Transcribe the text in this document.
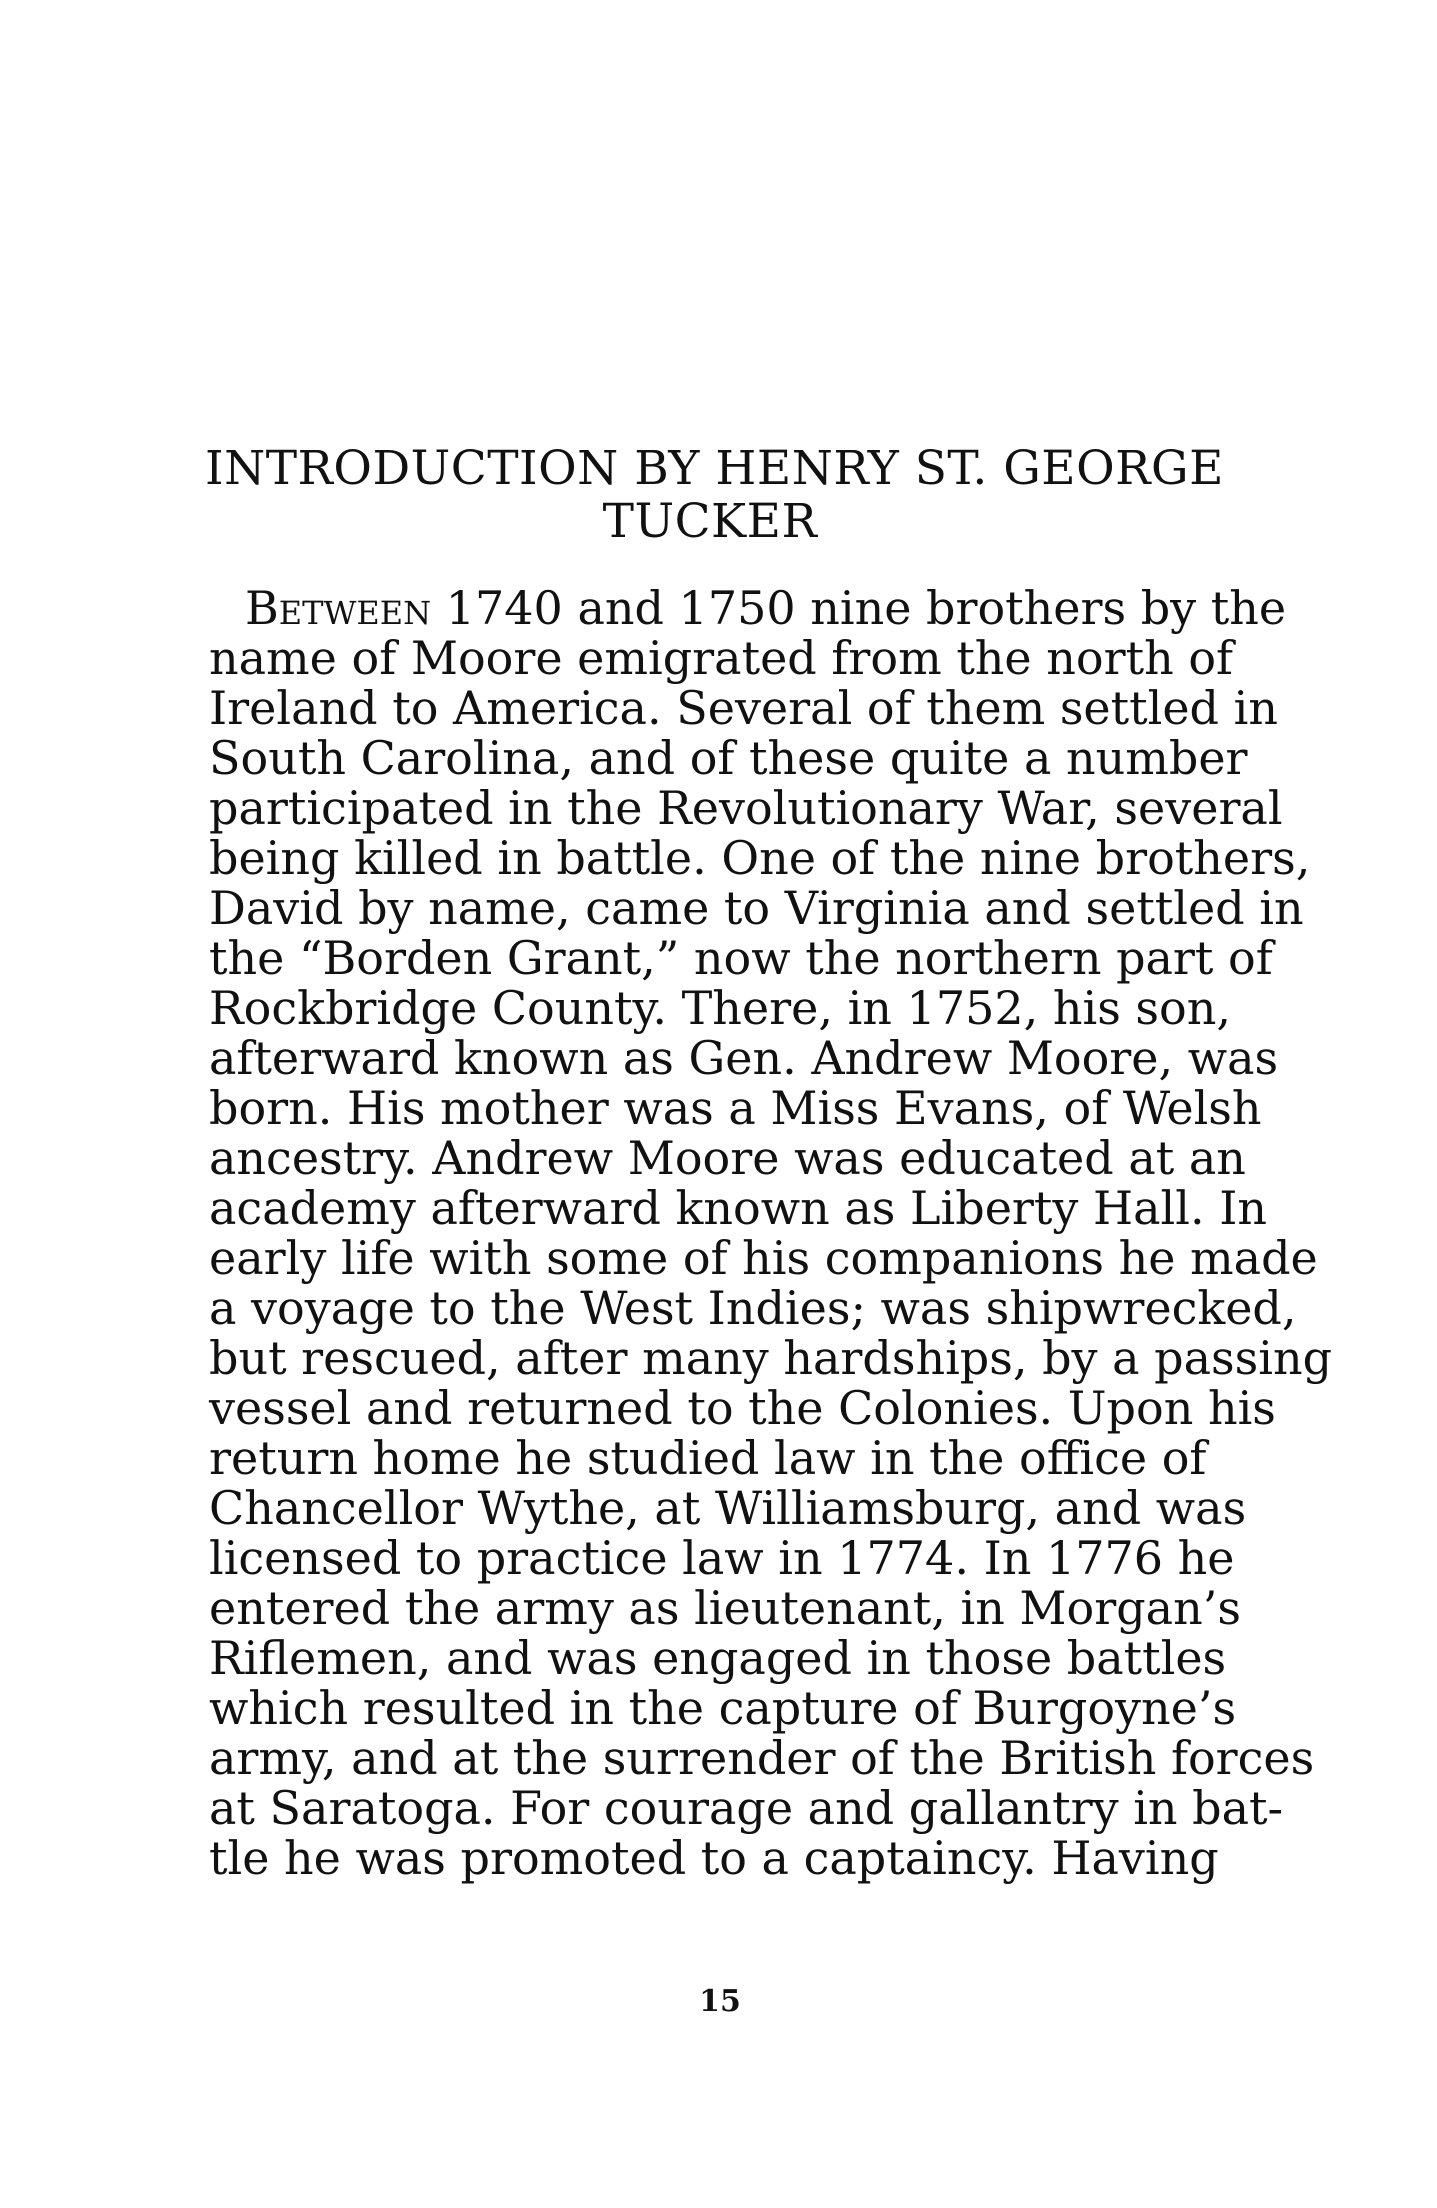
INTRODUCTION BY HENRY ST. GEORGE
TUCKER
Between 1740 and 1750 nine brothers by the
name of Moore emigrated from the north of
Ireland to America. Several of them settled in
South Carolina, and of these quite a number
participated in the Revolutionary War, several
being killed in battle. One of the nine brothers,
David by name, came to Virginia and settled in
the “Borden Grant,” now the northern part of
Rockbridge County. There, in 1752, his son,
afterward known as Gen. Andrew Moore, was
born. His mother was a Miss Evans, of Welsh
ancestry. Andrew Moore was educated at an
academy afterward known as Liberty Hall. In
early life with some of his companions he made
a voyage to the West Indies; was shipwrecked,
but rescued, after many hardships, by a passing
vessel and returned to the Colonies. Upon his
return home he studied law in the office of
Chancellor Wythe, at Williamsburg, and was
licensed to practice law in 1774. In 1776 he
entered the army as lieutenant, in Morgan’s
Riflemen, and was engaged in those battles
which resulted in the capture of Burgoyne’s
army, and at the surrender of the British forces
at Saratoga. For courage and gallantry in bat-
tle he was promoted to a captaincy. Having
15
